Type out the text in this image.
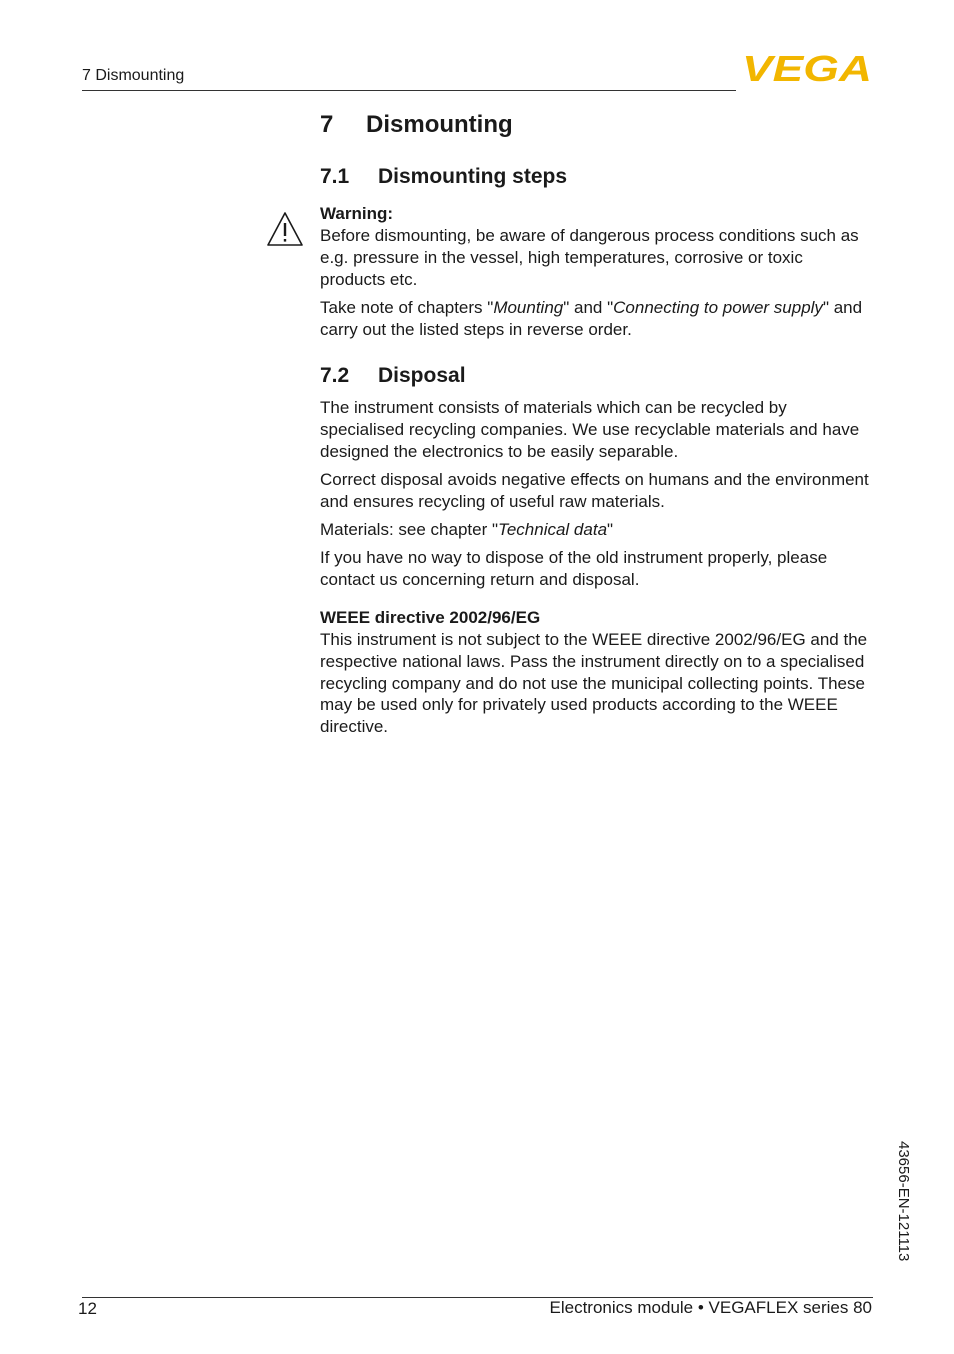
7 Dismounting	VEGA
7 Dismounting
7.1 Dismounting steps
Warning:
Before dismounting, be aware of dangerous process conditions such as e.g. pressure in the vessel, high temperatures, corrosive or toxic products etc.
Take note of chapters "Mounting" and "Connecting to power supply" and carry out the listed steps in reverse order.
7.2 Disposal
The instrument consists of materials which can be recycled by specialised recycling companies. We use recyclable materials and have designed the electronics to be easily separable.
Correct disposal avoids negative effects on humans and the environment and ensures recycling of useful raw materials.
Materials: see chapter "Technical data"
If you have no way to dispose of the old instrument properly, please contact us concerning return and disposal.
WEEE directive 2002/96/EG
This instrument is not subject to the WEEE directive 2002/96/EG and the respective national laws. Pass the instrument directly on to a specialised recycling company and do not use the municipal collecting points. These may be used only for privately used products according to the WEEE directive.
43656-EN-121113
12	Electronics module • VEGAFLEX series 80
